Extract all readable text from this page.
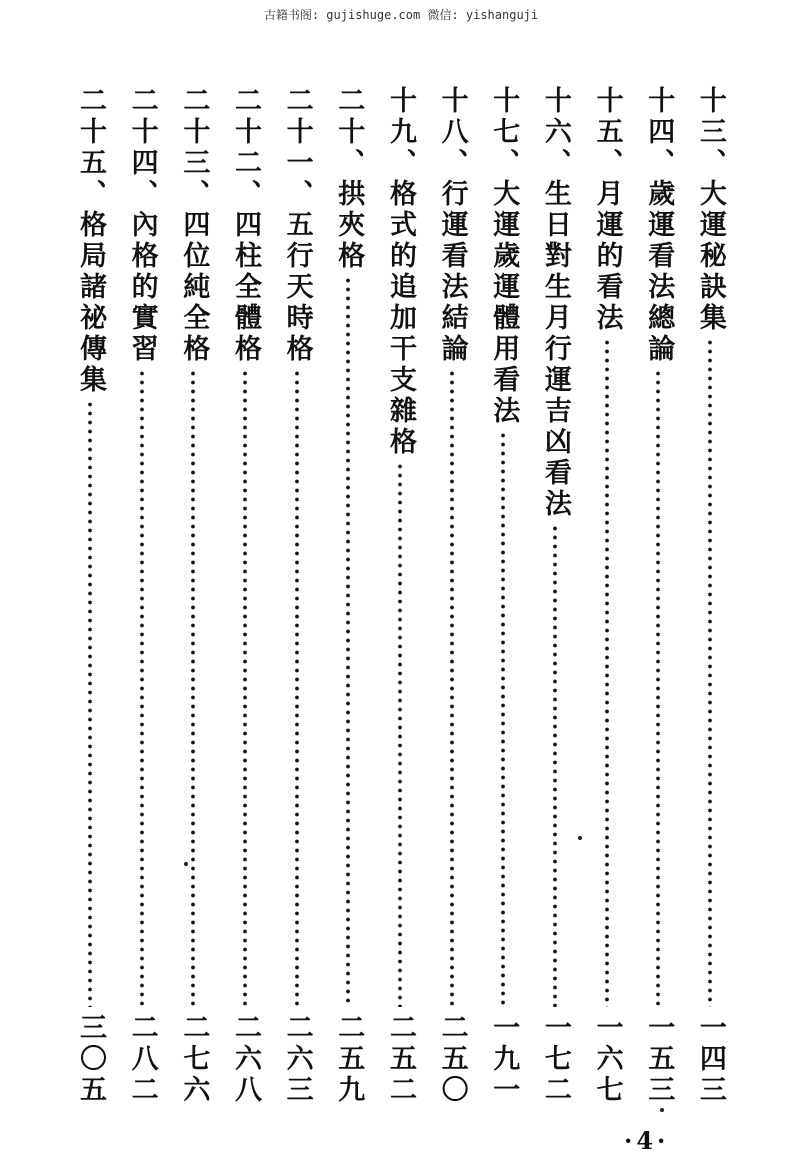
古籍书阁: gujishuge.com 微信: yishanguji
十三、大運秘訣集
一四三
十四、歲運看法總論
一五三
十五、月運的看法
一六七
十六、生日對生月行運吉凶看法
一七二
十七、大運歲運體用看法
一九一
十八、行運看法結論
二五〇
十九、格式的追加干支雜格
二五二
二十、拱夾格
二五九
二十一、五行天時格
二六三
二十二、四柱全體格
二六八
二十三、四位純全格
二七六
二十四、內格的實習
二八二
二十五、格局諸祕傳集
三〇五
·4·
